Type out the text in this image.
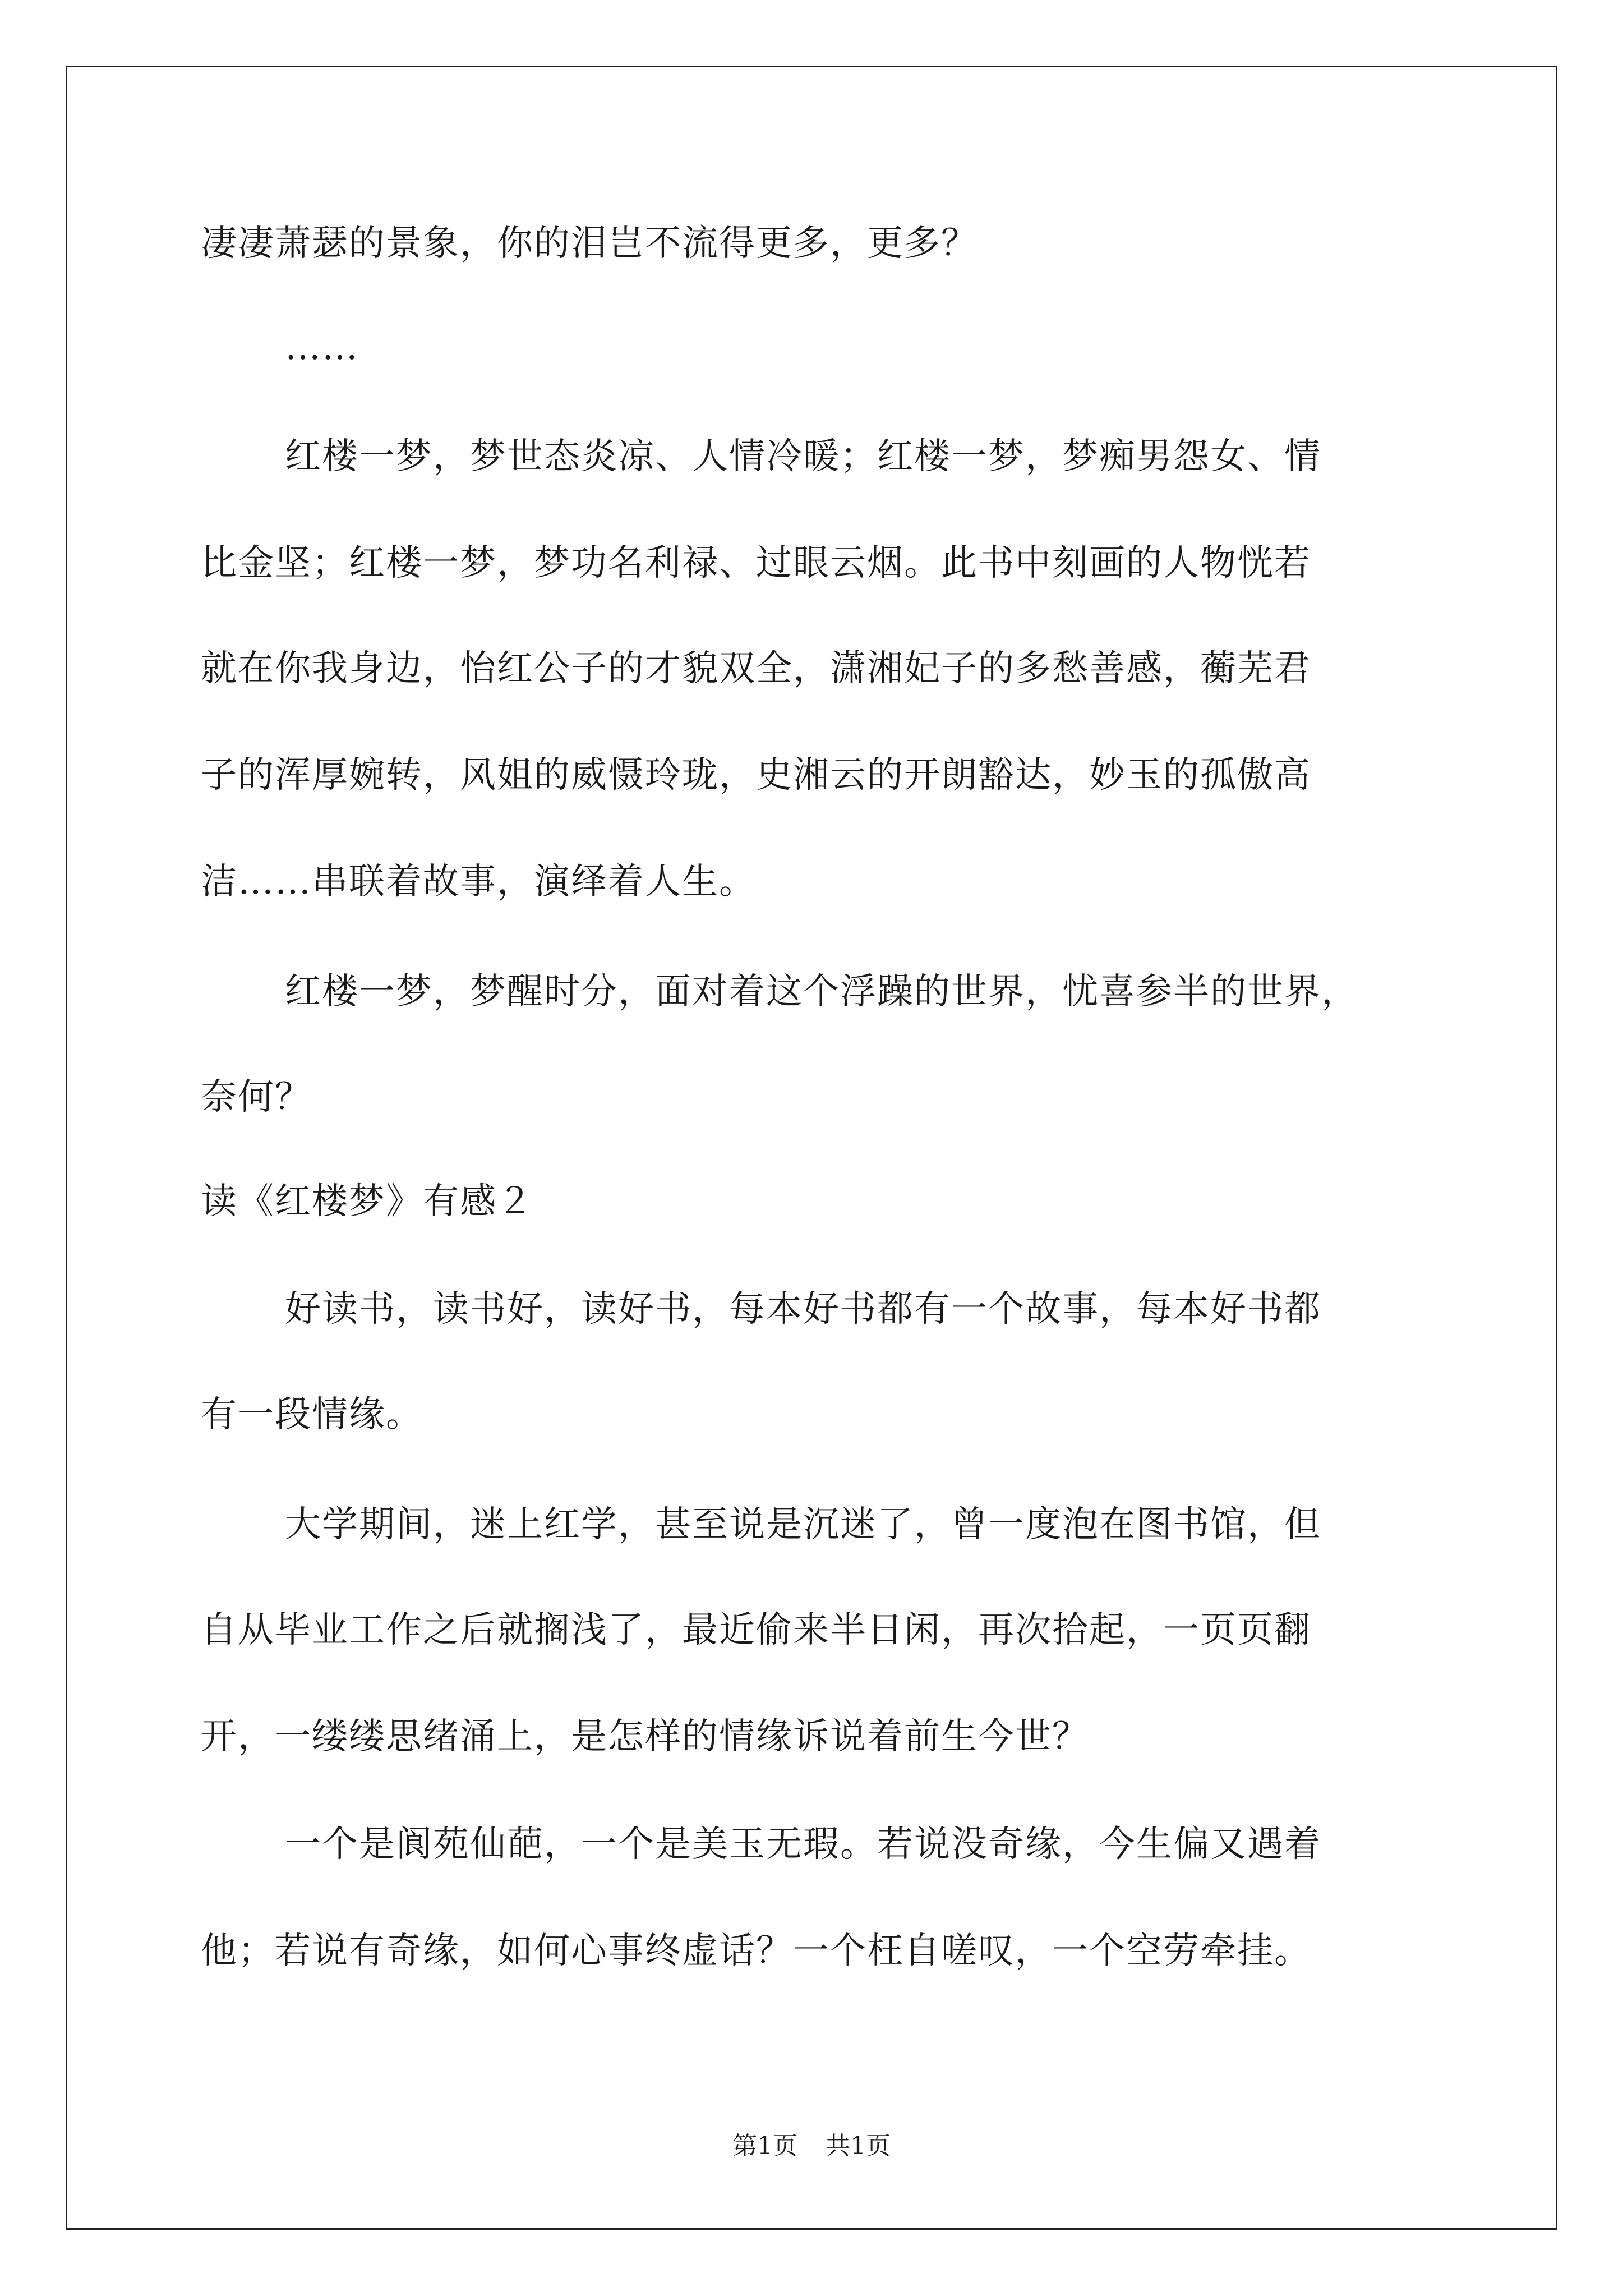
凄凄萧瑟的景象，你的泪岂不流得更多，更多？
……
红楼一梦，梦世态炎凉、人情冷暖；红楼一梦，梦痴男怨女、情
比金坚；红楼一梦，梦功名利禄、过眼云烟。此书中刻画的人物恍若
就在你我身边，怡红公子的才貌双全，潇湘妃子的多愁善感，蘅芜君
子的浑厚婉转，风姐的威慑玲珑，史湘云的开朗豁达，妙玉的孤傲高
洁……串联着故事，演绎着人生。
红楼一梦，梦醒时分，面对着这个浮躁的世界，忧喜参半的世界，
奈何？
读《红楼梦》有感２
好读书，读书好，读好书，每本好书都有一个故事，每本好书都
有一段情缘。
大学期间，迷上红学，甚至说是沉迷了，曾一度泡在图书馆，但
自从毕业工作之后就搁浅了，最近偷来半日闲，再次拾起，一页页翻
开，一缕缕思绪涌上，是怎样的情缘诉说着前生今世？
一个是阆苑仙葩，一个是美玉无瑕。若说没奇缘，今生偏又遇着
他；若说有奇缘，如何心事终虚话？一个枉自嗟叹，一个空劳牵挂。
第1页 共1页
